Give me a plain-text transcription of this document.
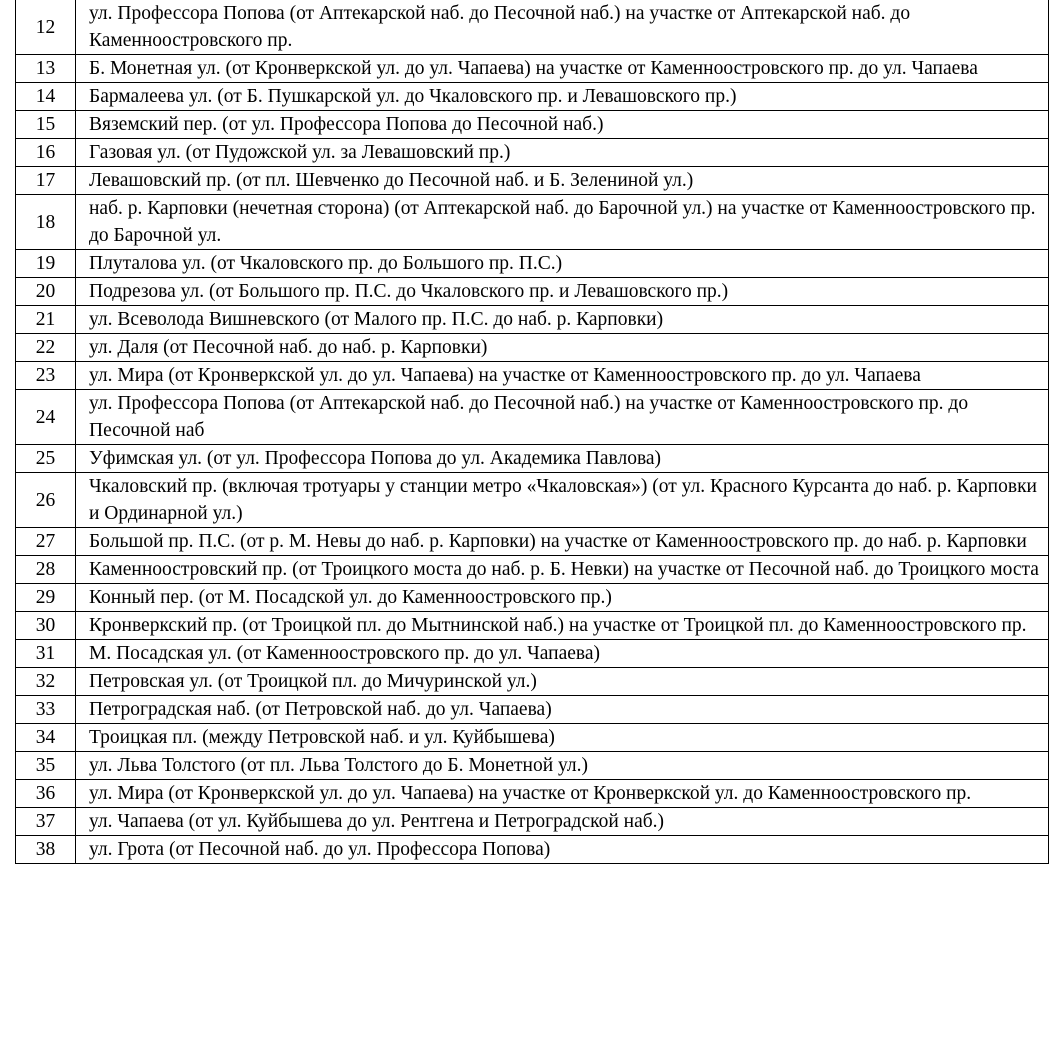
12	ул. Профессора Попова (от Аптекарской наб. до Песочной наб.) на участке от Аптекарской наб. до Каменноостровского пр.
13	Б. Монетная ул. (от Кронверкской ул. до ул. Чапаева) на участке от Каменноостровского пр. до ул. Чапаева
14	Бармалеева ул. (от Б. Пушкарской ул. до Чкаловского пр. и Левашовского пр.)
15	Вяземский пер. (от ул. Профессора Попова до Песочной наб.)
16	Газовая ул. (от Пудожской ул. за Левашовский пр.)
17	Левашовский пр. (от пл. Шевченко до Песочной наб. и Б. Зелениной ул.)
18	наб. р. Карповки (нечетная сторона) (от Аптекарской наб. до Барочной ул.) на участке от Каменноостровского пр. до Барочной ул.
19	Плуталова ул. (от Чкаловского пр. до Большого пр. П.С.)
20	Подрезова ул. (от Большого пр. П.С. до Чкаловского пр. и Левашовского пр.)
21	ул. Всеволода Вишневского (от Малого пр. П.С. до наб. р. Карповки)
22	ул. Даля (от Песочной наб. до наб. р. Карповки)
23	ул. Мира (от Кронверкской ул. до ул. Чапаева) на участке от Каменноостровского пр. до ул. Чапаева
24	ул. Профессора Попова (от Аптекарской наб. до Песочной наб.) на участке от Каменноостровского пр. до Песочной наб
25	Уфимская ул. (от ул. Профессора Попова до ул. Академика Павлова)
26	Чкаловский пр. (включая тротуары у станции метро «Чкаловская») (от ул. Красного Курсанта до наб. р. Карповки и Ординарной ул.)
27	Большой пр. П.С. (от р. М. Невы до наб. р. Карповки) на участке от Каменноостровского пр. до наб. р. Карповки
28	Каменноостровский пр. (от Троицкого моста до наб. р. Б. Невки) на участке от Песочной наб. до Троицкого моста
29	Конный пер. (от М. Посадской ул. до Каменноостровского пр.)
30	Кронверкский пр. (от Троицкой пл. до Мытнинской наб.) на участке от Троицкой пл. до Каменноостровского пр.
31	М. Посадская ул. (от Каменноостровского пр. до ул. Чапаева)
32	Петровская ул. (от Троицкой пл. до Мичуринской ул.)
33	Петроградская наб. (от Петровской наб. до ул. Чапаева)
34	Троицкая пл. (между Петровской наб. и ул. Куйбышева)
35	ул. Льва Толстого (от пл. Льва Толстого до Б. Монетной ул.)
36	ул. Мира (от Кронверкской ул. до ул. Чапаева) на участке от Кронверкской ул. до Каменноостровского пр.
37	ул. Чапаева (от ул. Куйбышева до ул. Рентгена и Петроградской наб.)
38	ул. Грота (от Песочной наб. до ул. Профессора Попова)
